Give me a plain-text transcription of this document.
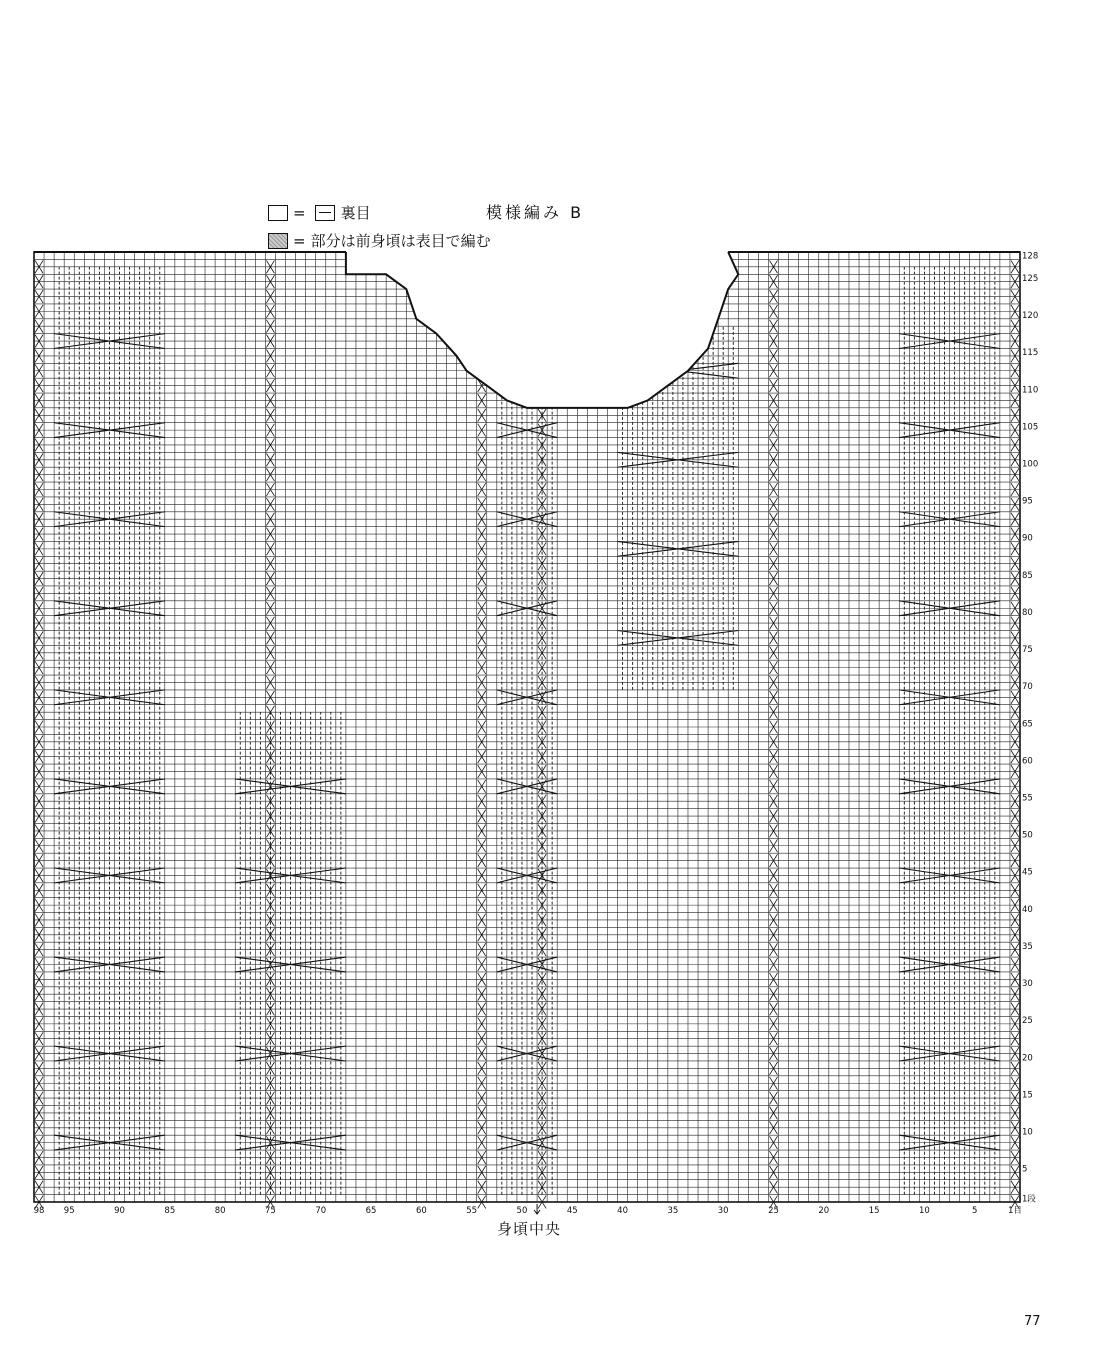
= 裏目
= 部分は前身頃は表目で編む
模様編み B
1段
5
10
15
20
25
30
35
40
45
50
55
60
65
70
75
80
85
90
95
100
105
110
115
120
125
128
1目
5
10
15
20
25
30
35
40
45
50
55
60
65
70
75
80
85
90
95
98
身頃中央
77
